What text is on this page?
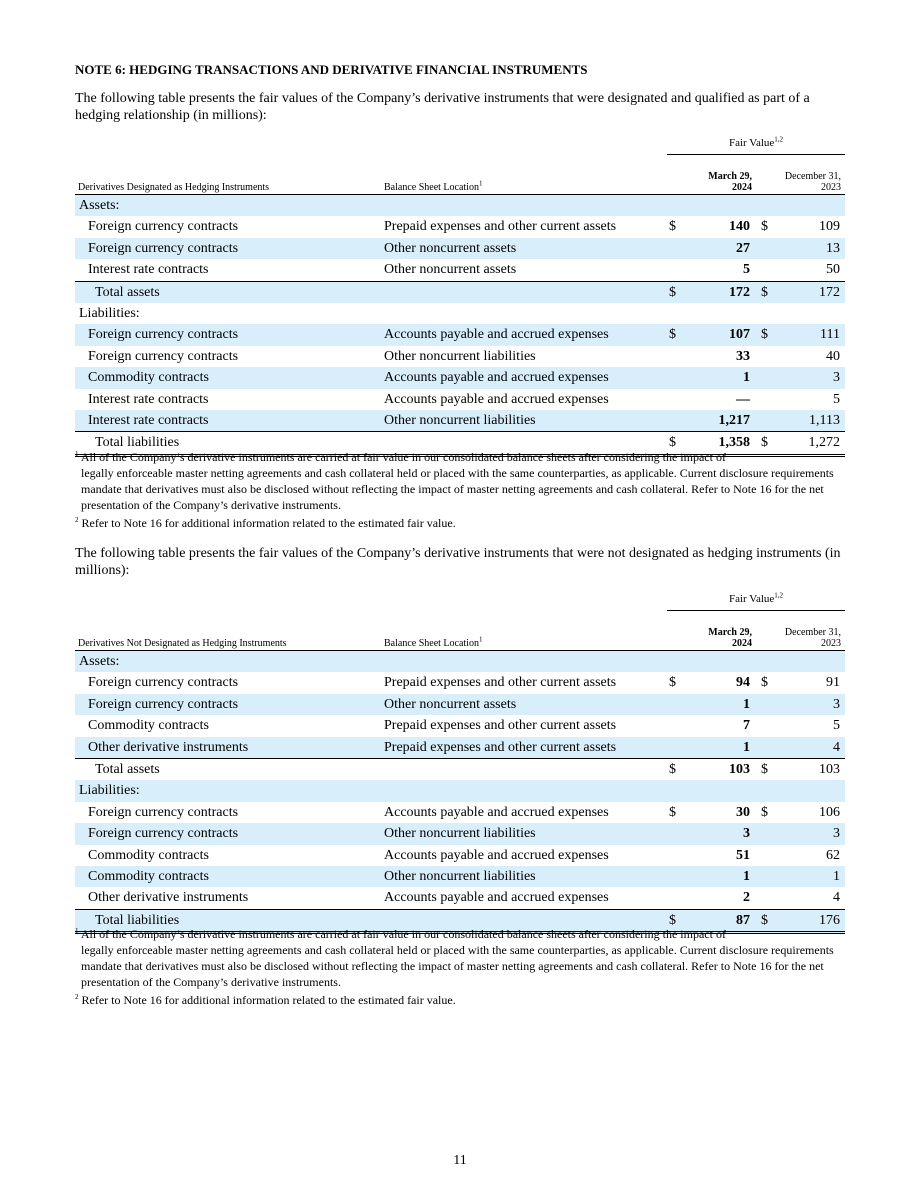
NOTE 6: HEDGING TRANSACTIONS AND DERIVATIVE FINANCIAL INSTRUMENTS

The following table presents the fair values of the Company’s derivative instruments that were designated and qualified as part of a hedging relationship (in millions):

Fair Value$^{1,2}$
Derivatives Designated as Hedging Instruments	Balance Sheet Location$^1$
March 29,
2024
December 31,
2023
Assets:
Foreign currency contracts	Prepaid expenses and other current assets	$	140 $	109
Foreign currency contracts	Other noncurrent assets	27	13
Interest rate contracts	Other noncurrent assets	5	50
Total assets	$	172 $	172
Liabilities:
Foreign currency contracts	Accounts payable and accrued expenses	$	107 $	111
Foreign currency contracts	Other noncurrent liabilities	33	40
Commodity contracts	Accounts payable and accrued expenses	1	3
Interest rate contracts	Accounts payable and accrued expenses	—	5
Interest rate contracts	Other noncurrent liabilities	1,217	1,113
Total liabilities	$	1,358 $	1,272
$^1$ All of the Company’s derivative instruments are carried at fair value in our consolidated balance sheets after considering the impact of
legally enforceable master netting agreements and cash collateral held or placed with the same counterparties, as applicable. Current disclosure requirements mandate that derivatives must also be disclosed without reflecting the impact of master netting agreements and cash collateral. Refer to Note 16 for the net presentation of the Company’s derivative instruments.
$^2$ Refer to Note 16 for additional information related to the estimated fair value.

The following table presents the fair values of the Company’s derivative instruments that were not designated as hedging instruments (in millions):

Fair Value$^{1,2}$
Derivatives Not Designated as Hedging Instruments	Balance Sheet Location$^1$
March 29,
2024
December 31,
2023
Assets:
Foreign currency contracts	Prepaid expenses and other current assets	$	94 $	91
Foreign currency contracts	Other noncurrent assets	1	3
Commodity contracts	Prepaid expenses and other current assets	7	5
Other derivative instruments	Prepaid expenses and other current assets	1	4
Total assets	$	103 $	103
Liabilities:
Foreign currency contracts	Accounts payable and accrued expenses	$	30 $	106
Foreign currency contracts	Other noncurrent liabilities	3	3
Commodity contracts	Accounts payable and accrued expenses	51	62
Commodity contracts	Other noncurrent liabilities	1	1
Other derivative instruments	Accounts payable and accrued expenses	2	4
Total liabilities	$	87 $	176
$^1$ All of the Company’s derivative instruments are carried at fair value in our consolidated balance sheets after considering the impact of
legally enforceable master netting agreements and cash collateral held or placed with the same counterparties, as applicable. Current disclosure requirements mandate that derivatives must also be disclosed without reflecting the impact of master netting agreements and cash collateral. Refer to Note 16 for the net presentation of the Company’s derivative instruments.
$^2$ Refer to Note 16 for additional information related to the estimated fair value.
11
